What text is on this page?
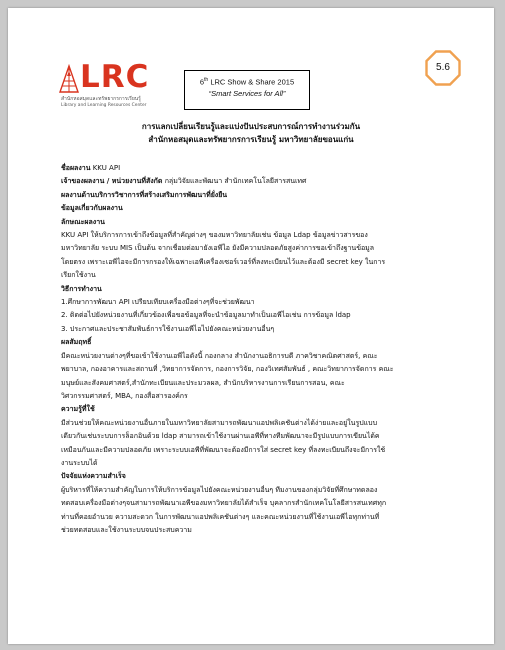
LRC
สำนักหอสมุดและทรัพยากรการเรียนรู้
Library and Learning Resources Center
6th LRC Show & Share 2015
“Smart Services for All”
5.6
การแลกเปลี่ยนเรียนรู้และแบ่งปันประสบการณ์การทำงานร่วมกัน
สำนักหอสมุดและทรัพยากรการเรียนรู้ มหาวิทยาลัยขอนแก่น

ชื่อผลงาน KKU API

เจ้าของผลงาน / หน่วยงานที่สังกัด กลุ่มวิจัยและพัฒนา สำนักเทคโนโลยีสารสนเทศ

ผลงานด้านบริการวิชาการที่สร้างเสริมการพัฒนาที่ยั่งยืน

ข้อมูลเกี่ยวกับผลงาน

ลักษณะผลงาน

KKU API ให้บริการการเข้าถึงข้อมูลที่สำคัญต่างๆ ของมหาวิทยาลัยเช่น ข้อมูล Ldap ข้อมูลข่าวสารของ

มหาวิทยาลัย ระบบ MIS เป็นต้น จากเชื่อมต่อมายังเอพีไอ ยังมีความปลอดภัยสูงค่าการขอเข้าถึงฐานข้อมูล

โดยตรง เพราะเอพีไอจะมีการกรองให้เฉพาะเอพีเครื่องเซอร์เวอร์ที่ลงทะเบียนไว้และต้องมี secret key ในการ

เรียกใช้งาน

วิธีการทำงาน

1.ศึกษาการพัฒนา API เปรียบเทียบเครื่องมือต่างๆที่จะช่วยพัฒนา

2. ติดต่อไปยังหน่วยงานที่เกี่ยวข้องเพื่อขอข้อมูลที่จะนำข้อมูลมาทำเป็นเอพีไอเช่น การข้อมูล ldap

3. ประกาศและประชาสัมพันธ์การใช้งานเอพีไอไปยังคณะหน่วยงานอื่นๆ

ผลสัมฤทธิ์

มีคณะหน่วยงานต่างๆที่ขอเข้าใช้งานเอพีไอดังนี้ กองกลาง สำนักงานอธิการบดี ภาควิชาคณิตศาสตร์, คณะ

พยาบาล, กองอาคารและสถานที่ ,วิทยาการจัดการ, กองการวิจัย, กองวิเทศสัมพันธ์ , คณะวิทยาการจัดการ คณะ

มนุษย์และสังคมศาสตร์,สำนักทะเบียนและประมวลผล, สำนักบริหารงานการเรียนการสอน, คณะ

วิศวกรรมศาสตร์, MBA, กองสื่อสารองค์กร

ความรู้ที่ใช้

มีส่วนช่วยให้คณะหน่วยงานอื่นภายในมหาวิทยาลัยสามารถพัฒนาแอปพลิเคชันต่างได้ง่ายและอยู่ในรูปแบบ

เดียวกันเช่นระบบการล็อกอินด้วย ldap สามารถเข้าใช้งานผ่านเอพีที่ทางทีมพัฒนาจะมีรูปแบบการเขียนได้ค

เหมือนกันและมีความปลอดภัย เพราะระบบเอพีที่พัฒนาจะต้องมีการใส่ secret key ที่ลงทะเบียนถึงจะมีการใช้

งานระบบได้

ปัจจัยแห่งความสำเร็จ

ผู้บริหารที่ให้ความสำคัญในการให้บริการข้อมูลไปยังคณะหน่วยงานอื่นๆ ทีมงานของกลุ่มวิจัยที่ศึกษาทดลอง

ทดสอบเครื่องมือต่างๆจนสามารถพัฒนาเอพีของมหาวิทยาลัยได้สำเร็จ บุคลากรสำนักเทคโนโลยีสารสนเทศทุก

ท่านที่คอยอำนวย ความสะดวก ในการพัฒนาแอปพลิเคชันต่างๆ และคณะหน่วยงานที่ใช้งานเอพีไอทุกท่านที่

ช่วยทดสอบและใช้งานระบบจนประสบความ
